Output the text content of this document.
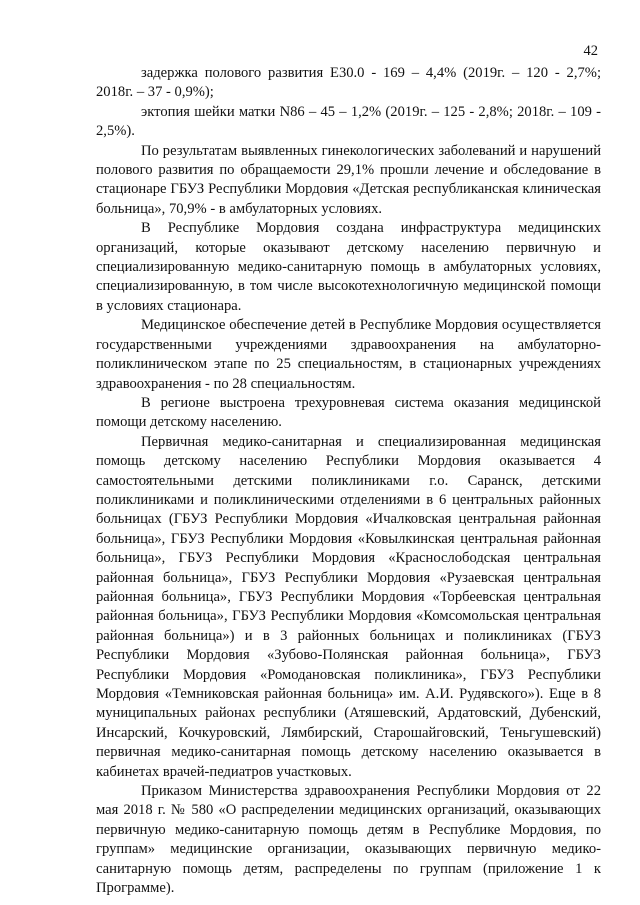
42

задержка полового развития Е30.0 - 169 – 4,4% (2019г. – 120 - 2,7%; 2018г. – 37 - 0,9%);

эктопия шейки матки N86 – 45 – 1,2% (2019г. – 125 - 2,8%; 2018г. – 109 - 2,5%).

По результатам выявленных гинекологических заболеваний и нарушений полового развития по обращаемости 29,1% прошли лечение и обследование в стационаре ГБУЗ Республики Мордовия «Детская республиканская клиническая больница», 70,9% - в амбулаторных условиях.

В Республике Мордовия создана инфраструктура медицинских организаций, которые оказывают детскому населению первичную и специализированную медико-санитарную помощь в амбулаторных условиях, специализированную, в том числе высокотехнологичную медицинской помощи в условиях стационара.

Медицинское обеспечение детей в Республике Мордовия осуществляется государственными учреждениями здравоохранения на амбулаторно-поликлиническом этапе по 25 специальностям, в стационарных учреждениях здравоохранения - по 28 специальностям.

В регионе выстроена трехуровневая система оказания медицинской помощи детскому населению.

Первичная медико-санитарная и специализированная медицинская помощь детскому населению Республики Мордовия оказывается 4 самостоятельными детскими поликлиниками г.о. Саранск, детскими поликлиниками и поликлиническими отделениями в 6 центральных районных больницах (ГБУЗ Республики Мордовия «Ичалковская центральная районная больница», ГБУЗ Республики Мордовия «Ковылкинская центральная районная больница», ГБУЗ Республики Мордовия «Краснослободская центральная районная больница», ГБУЗ Республики Мордовия «Рузаевская центральная районная больница», ГБУЗ Республики Мордовия «Торбеевская центральная районная больница», ГБУЗ Республики Мордовия «Комсомольская центральная районная больница») и в 3 районных больницах и поликлиниках (ГБУЗ Республики Мордовия «Зубово-Полянская районная больница», ГБУЗ Республики Мордовия «Ромодановская поликлиника», ГБУЗ Республики Мордовия «Темниковская районная больница» им. А.И. Рудявского»). Еще в 8 муниципальных районах республики (Атяшевский, Ардатовский, Дубенский, Инсарский, Кочкуровский, Лямбирский, Старошайговский, Теньгушевский) первичная медико-санитарная помощь детскому населению оказывается в кабинетах врачей-педиатров участковых.

Приказом Министерства здравоохранения Республики Мордовия от 22 мая 2018 г. № 580 «О распределении медицинских организаций, оказывающих первичную медико-санитарную помощь детям в Республике Мордовия, по группам» медицинские организации, оказывающих первичную медико-санитарную помощь детям, распределены по группам (приложение 1 к Программе).
